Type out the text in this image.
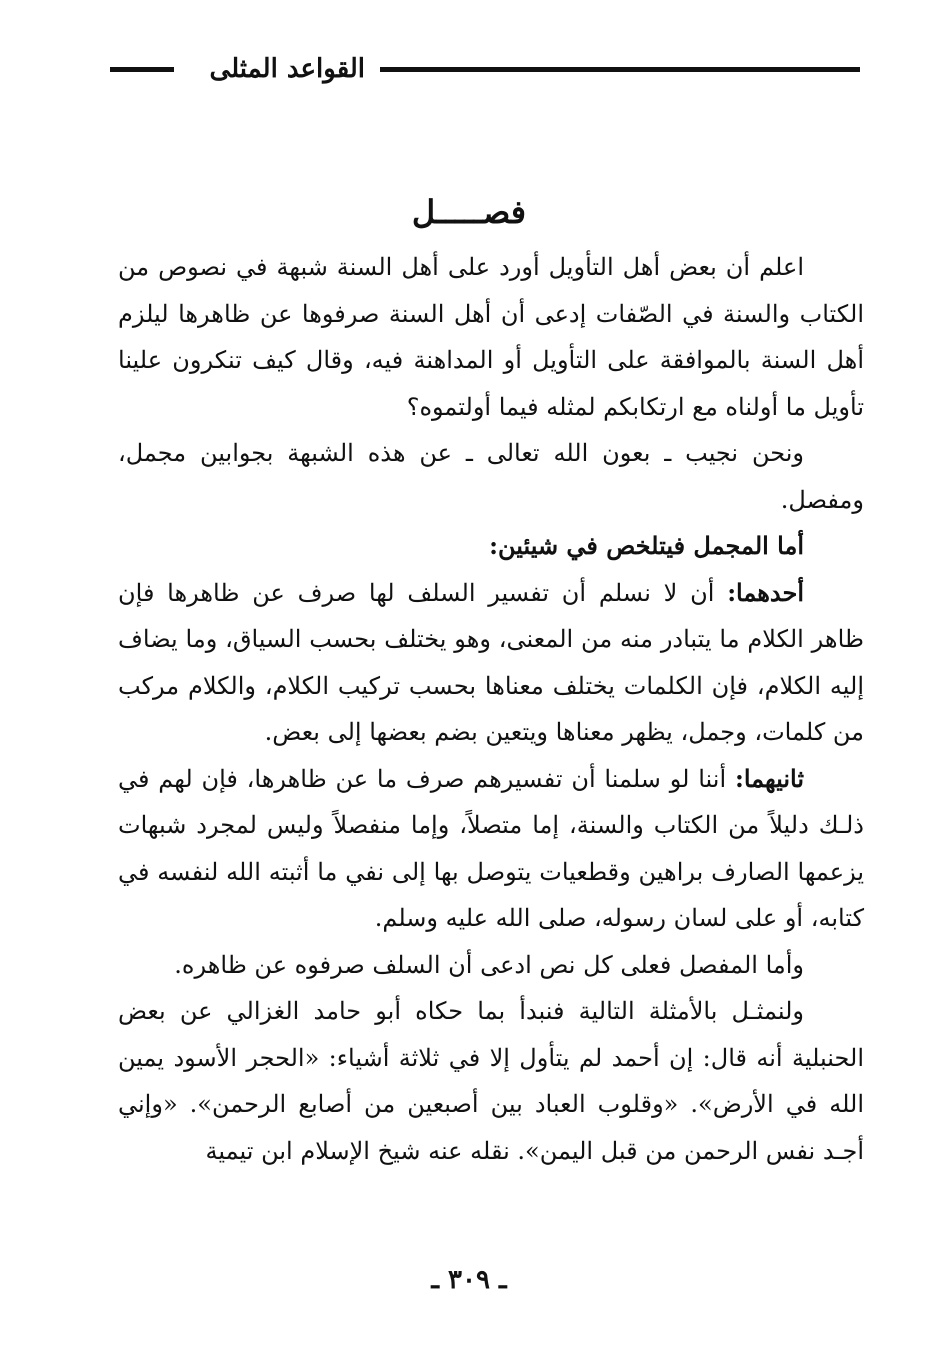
القواعد المثلى
فصـــــل

اعلم أن بعض أهل التأويل أورد على أهل السنة شبهة في نصوص من الكتاب والسنة في الصّفات إدعى أن أهل السنة صرفوها عن ظاهرها ليلزم أهل السنة بالموافقة على التأويل أو المداهنة فيه، وقال كيف تنكرون علينا تأويل ما أولناه مع ارتكابكم لمثله فيما أولتموه؟

ونحن نجيب ـ بعون الله تعالى ـ عن هذه الشبهة بجوابين مجمل، ومفصل.

أما المجمل فيتلخص في شيئين:

أحدهما: أن لا نسلم أن تفسير السلف لها صرف عن ظاهرها فإن ظاهر الكلام ما يتبادر منه من المعنى، وهو يختلف بحسب السياق، وما يضاف إليه الكلام، فإن الكلمات يختلف معناها بحسب تركيب الكلام، والكلام مركب من كلمات، وجمل، يظهر معناها ويتعين بضم بعضها إلى بعض.

ثانيهما: أننا لو سلمنا أن تفسيرهم صرف ما عن ظاهرها، فإن لهم في ذلـك دليلاً من الكتاب والسنة، إما متصلاً، وإما منفصلاً وليس لمجرد شبهات يزعمها الصارف براهين وقطعيات يتوصل بها إلى نفي ما أثبته الله لنفسه في كتابه، أو على لسان رسوله، صلى الله عليه وسلم.

وأما المفصل فعلى كل نص ادعى أن السلف صرفوه عن ظاهره.

ولنمثـل بالأمثلة التالية فنبدأ بما حكاه أبو حامد الغزالي عن بعض الحنبلية أنه قال: إن أحمد لم يتأول إلا في ثلاثة أشياء: «الحجر الأسود يمين الله في الأرض». «وقلوب العباد بين أصبعين من أصابع الرحمن». «وإني أجـد نفس الرحمن من قبل اليمن». نقله عنه شيخ الإسلام ابن تيمية

ـ ٣٠٩ ـ
